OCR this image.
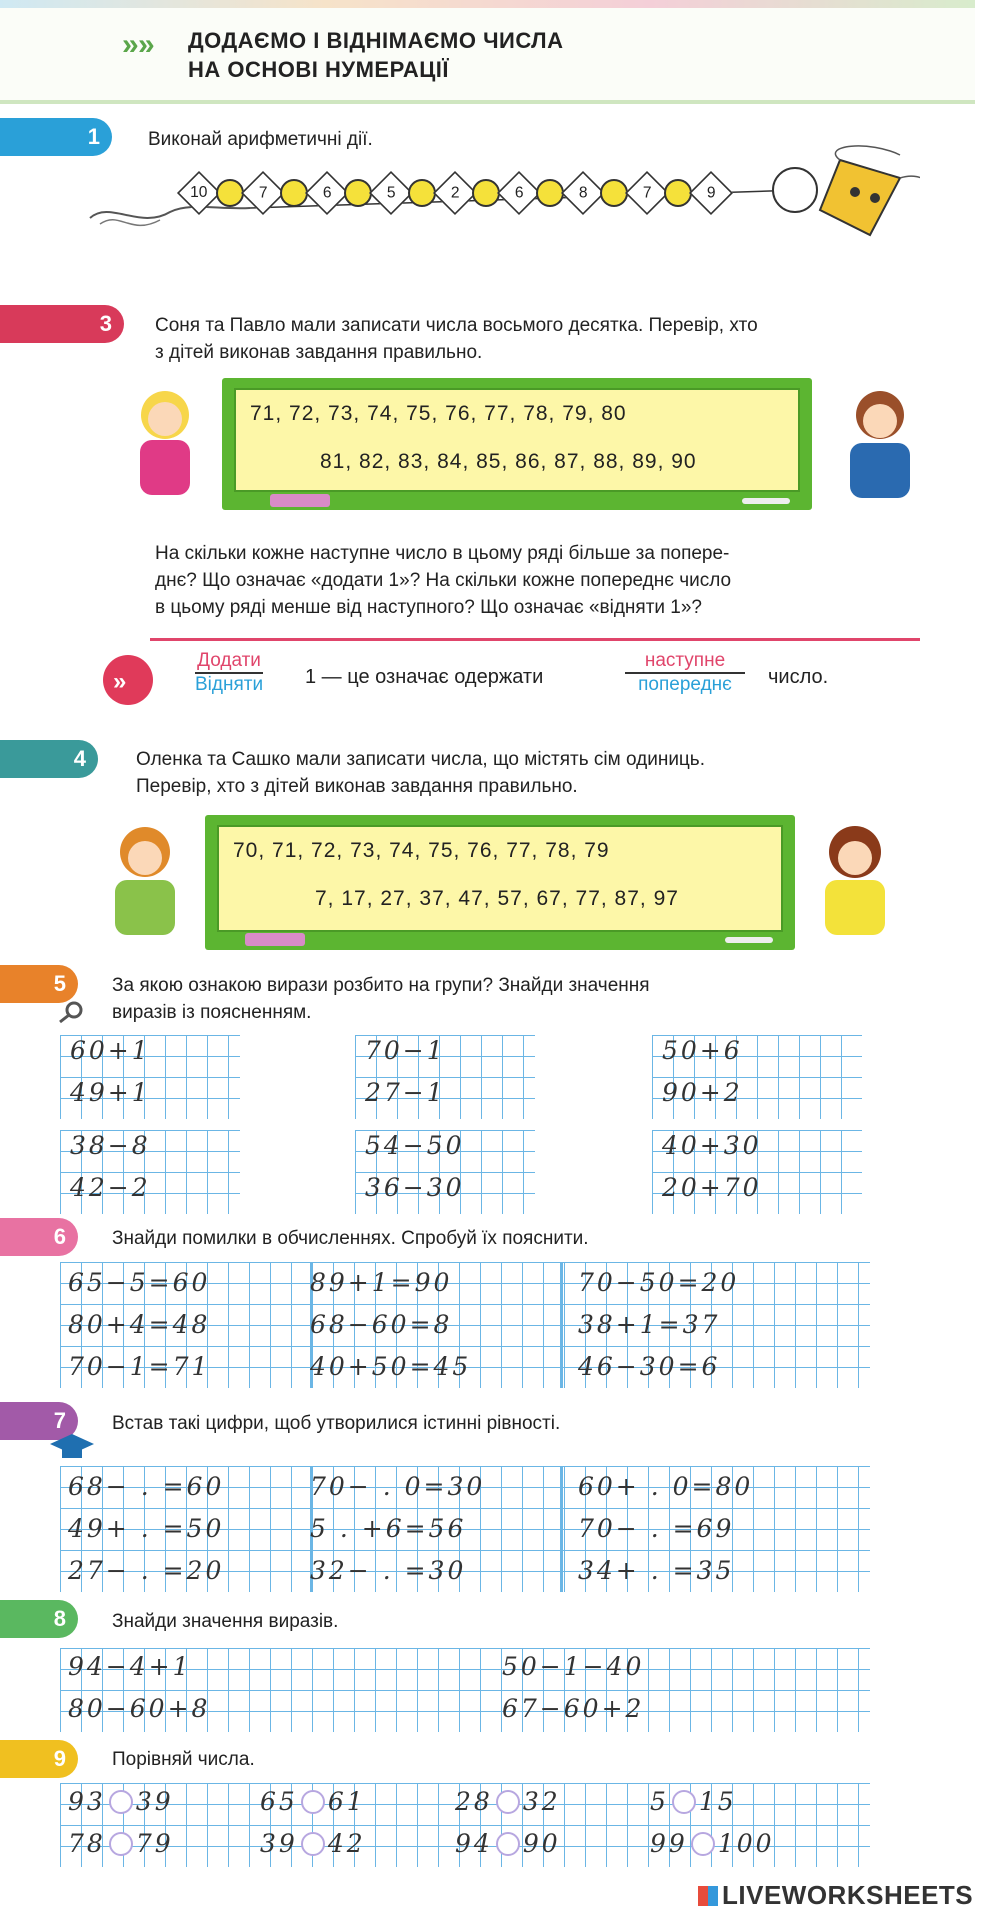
» » ДОДАЄМО І ВІДНІМАЄМО ЧИСЛА
НА ОСНОВІ НУМЕРАЦІЇ
1	Виконай арифметичні дії.
10	7	6	5	2	6	8	7	9
3	Соня та Павло мали записати числа восьмого десятка. Перевір, хто
з дітей виконав завдання правильно.
71, 72, 73, 74, 75, 76, 77, 78, 79, 80
81, 82, 83, 84, 85, 86, 87, 88, 89, 90
На скільки кожне наступне число в цьому ряді більше за попере-
днє? Що означає «додати 1»? На скільки кожне попереднє число
в цьому ряді менше від наступного? Що означає «відняти 1»?
»
Додати
Відняти 1 — це означає одержати
наступне
попереднє	число.
4	Оленка та Сашко мали записати числа, що містять сім одиниць.
Перевір, хто з дітей виконав завдання правильно.
70, 71, 72, 73, 74, 75, 76, 77, 78, 79
7, 17, 27, 37, 47, 57, 67, 77, 87, 97
5	За якою ознакою вирази розбито на групи? Знайди значення
виразів із поясненням.
60+1
49+1
70−1
27−1
50+6
90+2
38−8
42−2
54−50
36−30
40+30
20+70
6	Знайди помилки в обчисленнях. Спробуй їх пояснити.
65−5=60	89+1=90	70−50=20
80+4=48	68−60=8	38+1=37
70−1=71	40+50=45	46−30=6
7	Встав такі цифри, щоб утворилися істинні рівності.
68− . =60	70− . 0=30	60+ . 0=80
49+ . =50	5 . +6=56	70− . =69
27− . =20	32− . =30	34+ . =35
8	Знайди значення виразів.
94−4+1	50−1−40
80−60+8	67−60+2
9	Порівняй числа.
93 39	65 61	28 32	5 15
78 79	39 42	94 90	99 100
LIVEWORKSHEETS
